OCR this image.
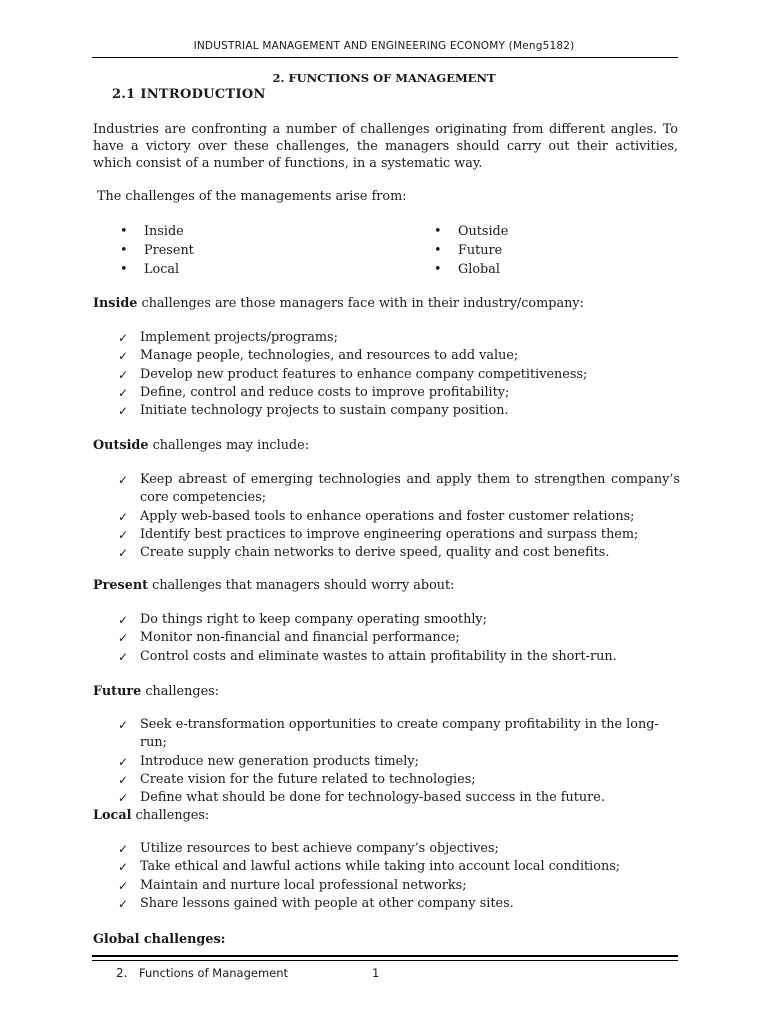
INDUSTRIAL MANAGEMENT AND ENGINEERING ECONOMY (Meng5182)
2. FUNCTIONS OF MANAGEMENT
2.1 INTRODUCTION
Industries are confronting a number of challenges originating from different angles. To have a victory over these challenges, the managers should carry out their activities, which consist of a number of functions, in a systematic way.
The challenges of the managements arise from:
•	Inside
•	Present
•	Local
•	Outside
•	Future
•	Global
Inside challenges are those managers face with in their industry/company:
✓ Implement projects/programs;
✓ Manage people, technologies, and resources to add value;
✓ Develop new product features to enhance company competitiveness;
✓ Define, control and reduce costs to improve profitability;
✓ Initiate technology projects to sustain company position.
Outside challenges may include:
✓ Keep abreast of emerging technologies and apply them to strengthen company’s core competencies;
✓ Apply web-based tools to enhance operations and foster customer relations;
✓ Identify best practices to improve engineering operations and surpass them;
✓ Create supply chain networks to derive speed, quality and cost benefits.
Present challenges that managers should worry about:
✓ Do things right to keep company operating smoothly;
✓ Monitor non-financial and financial performance;
✓ Control costs and eliminate wastes to attain profitability in the short-run.
Future challenges:
✓ Seek e-transformation opportunities to create company profitability in the long-run;
✓ Introduce new generation products timely;
✓ Create vision for the future related to technologies;
✓ Define what should be done for technology-based success in the future.
Local challenges:
✓ Utilize resources to best achieve company’s objectives;
✓ Take ethical and lawful actions while taking into account local conditions;
✓ Maintain and nurture local professional networks;
✓ Share lessons gained with people at other company sites.
Global challenges:
2. Functions of Management	1
